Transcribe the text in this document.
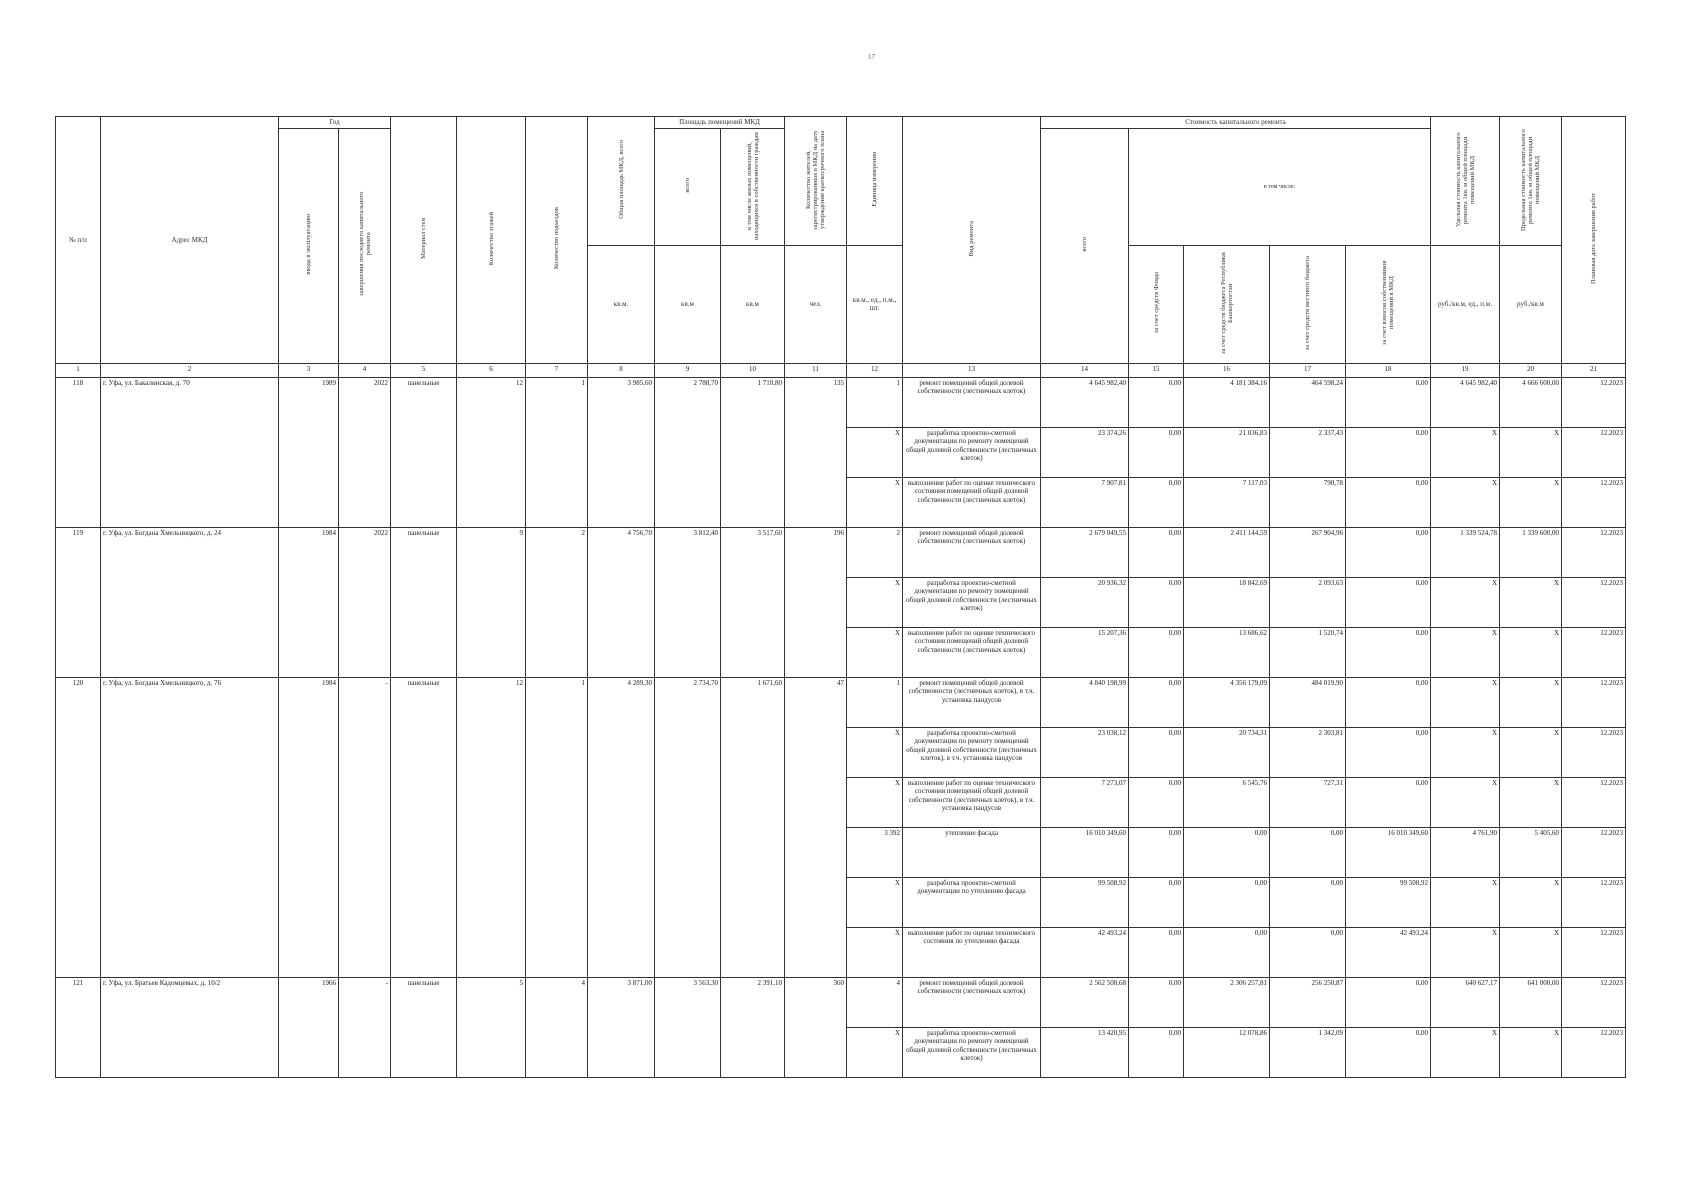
17
№ п/п	Адрес МКД	Год		Материал стен	Количество этажей	Количество подъездов	Общая площадь МКД, всего	Площадь помещений МКД		Количество жителей, зарегистрированных в МКД на дату утверждения краткосрочного плана	Единица измерения	Вид ремонта	Стоимость капитального ремонта					Удельная стоимость капитального ремонта 1кв. м общей площади помещений МКД	Предельная стоимость капитального ремонта 1кв. м общей площади помещений МКД	Плановая дата завершения работ
		ввода в эксплуатацию	завершения последнего капитального ремонта					всего	в том числе жилых помещений, находящихся в собственности граждан				всего	в том числе:						
							кв.м.	кв.м	кв.м	чел.	кв.м., ед., п.м., шт.			за счет средств Фонда	за счет средств бюджета Республики Башкортостан	за счет средств местного бюджета	за счет взносов собственников помещений в МКД	руб./кв.м, ед., п.м.	руб./кв.м	
1	2	3	4	5	6	7	8	9	10	11	12	13	14	15	16	17	18	19	20	21
118	г. Уфа, ул. Бакалинская, д. 70	1989	2022	панельные	12	1	3 985,60	2 788,70	1 710,80	135	1	ремонт помещений общей долевой собственности (лестничных клеток)	4 645 982,40	0,00	4 181 384,16	464 598,24	0,00	4 645 982,40	4 666 600,00	12.2023
											X	разработка проектно-сметной документации по ремонту помещений общей долевой собственности (лестничных клеток)	23 374,26	0,00	21 036,83	2 337,43	0,00	X	X	12.2023
											X	выполнение работ по оценке технического состояния помещений общей долевой собственности (лестничных клеток)	7 907,81	0,00	7 117,03	790,78	0,00	X	X	12.2023
119	г. Уфа, ул. Богдана Хмельницкого, д. 24	1984	2022	панельные	9	2	4 756,70	3 812,40	3 517,60	196	2	ремонт помещений общей долевой собственности (лестничных клеток)	2 679 049,55	0,00	2 411 144,59	267 904,96	0,00	1 339 524,78	1 339 600,00	12.2023
											X	разработка проектно-сметной документации по ремонту помещений общей долевой собственности (лестничных клеток)	20 936,32	0,00	18 842,69	2 093,63	0,00	X	X	12.2023
											X	выполнение работ по оценке технического состояния помещений общей долевой собственности (лестничных клеток)	15 207,36	0,00	13 686,62	1 520,74	0,00	X	X	12.2023
120	г. Уфа, ул. Богдана Хмельницкого, д. 76	1984	-	панельные	12	1	4 289,30	2 734,70	1 671,60	47	1	ремонт помещений общей долевой собственности (лестничных клеток), в т.ч. установка пандусов	4 840 198,99	0,00	4 356 179,09	484 019,90	0,00	X	X	12.2023
											X	разработка проектно-сметной документации по ремонту помещений общей долевой собственности (лестничных клеток), в т.ч. установка пандусов	23 038,12	0,00	20 734,31	2 303,81	0,00	X	X	12.2023
											X	выполнение работ по оценке технического состояния помещений общей долевой собственности (лестничных клеток), в т.ч. установка пандусов	7 273,07	0,00	6 545,76	727,31	0,00	X	X	12.2023
											3 392	утепление фасада	16 010 349,60	0,00	0,00	0,00	16 010 349,60	4 761,90	5 405,60	12.2023
											X	разработка проектно-сметной документации по утеплению фасада	99 508,92	0,00	0,00	0,00	99 508,92	X	X	12.2023
											X	выполнение работ по оценке технического состояния по утеплению фасада	42 493,24	0,00	0,00	0,00	42 493,24	X	X	12.2023
121	г. Уфа, ул. Братьев Кадомцевых, д. 10/2	1966	-	панельные	5	4	3 871,00	3 563,30	2 391,10	360	4	ремонт помещений общей долевой собственности (лестничных клеток)	2 562 508,68	0,00	2 306 257,81	256 250,87	0,00	640 627,17	641 000,00	12.2023
											X	разработка проектно-сметной документации по ремонту помещений общей долевой собственности (лестничных клеток)	13 420,95	0,00	12 078,86	1 342,09	0,00	X	X	12.2023
